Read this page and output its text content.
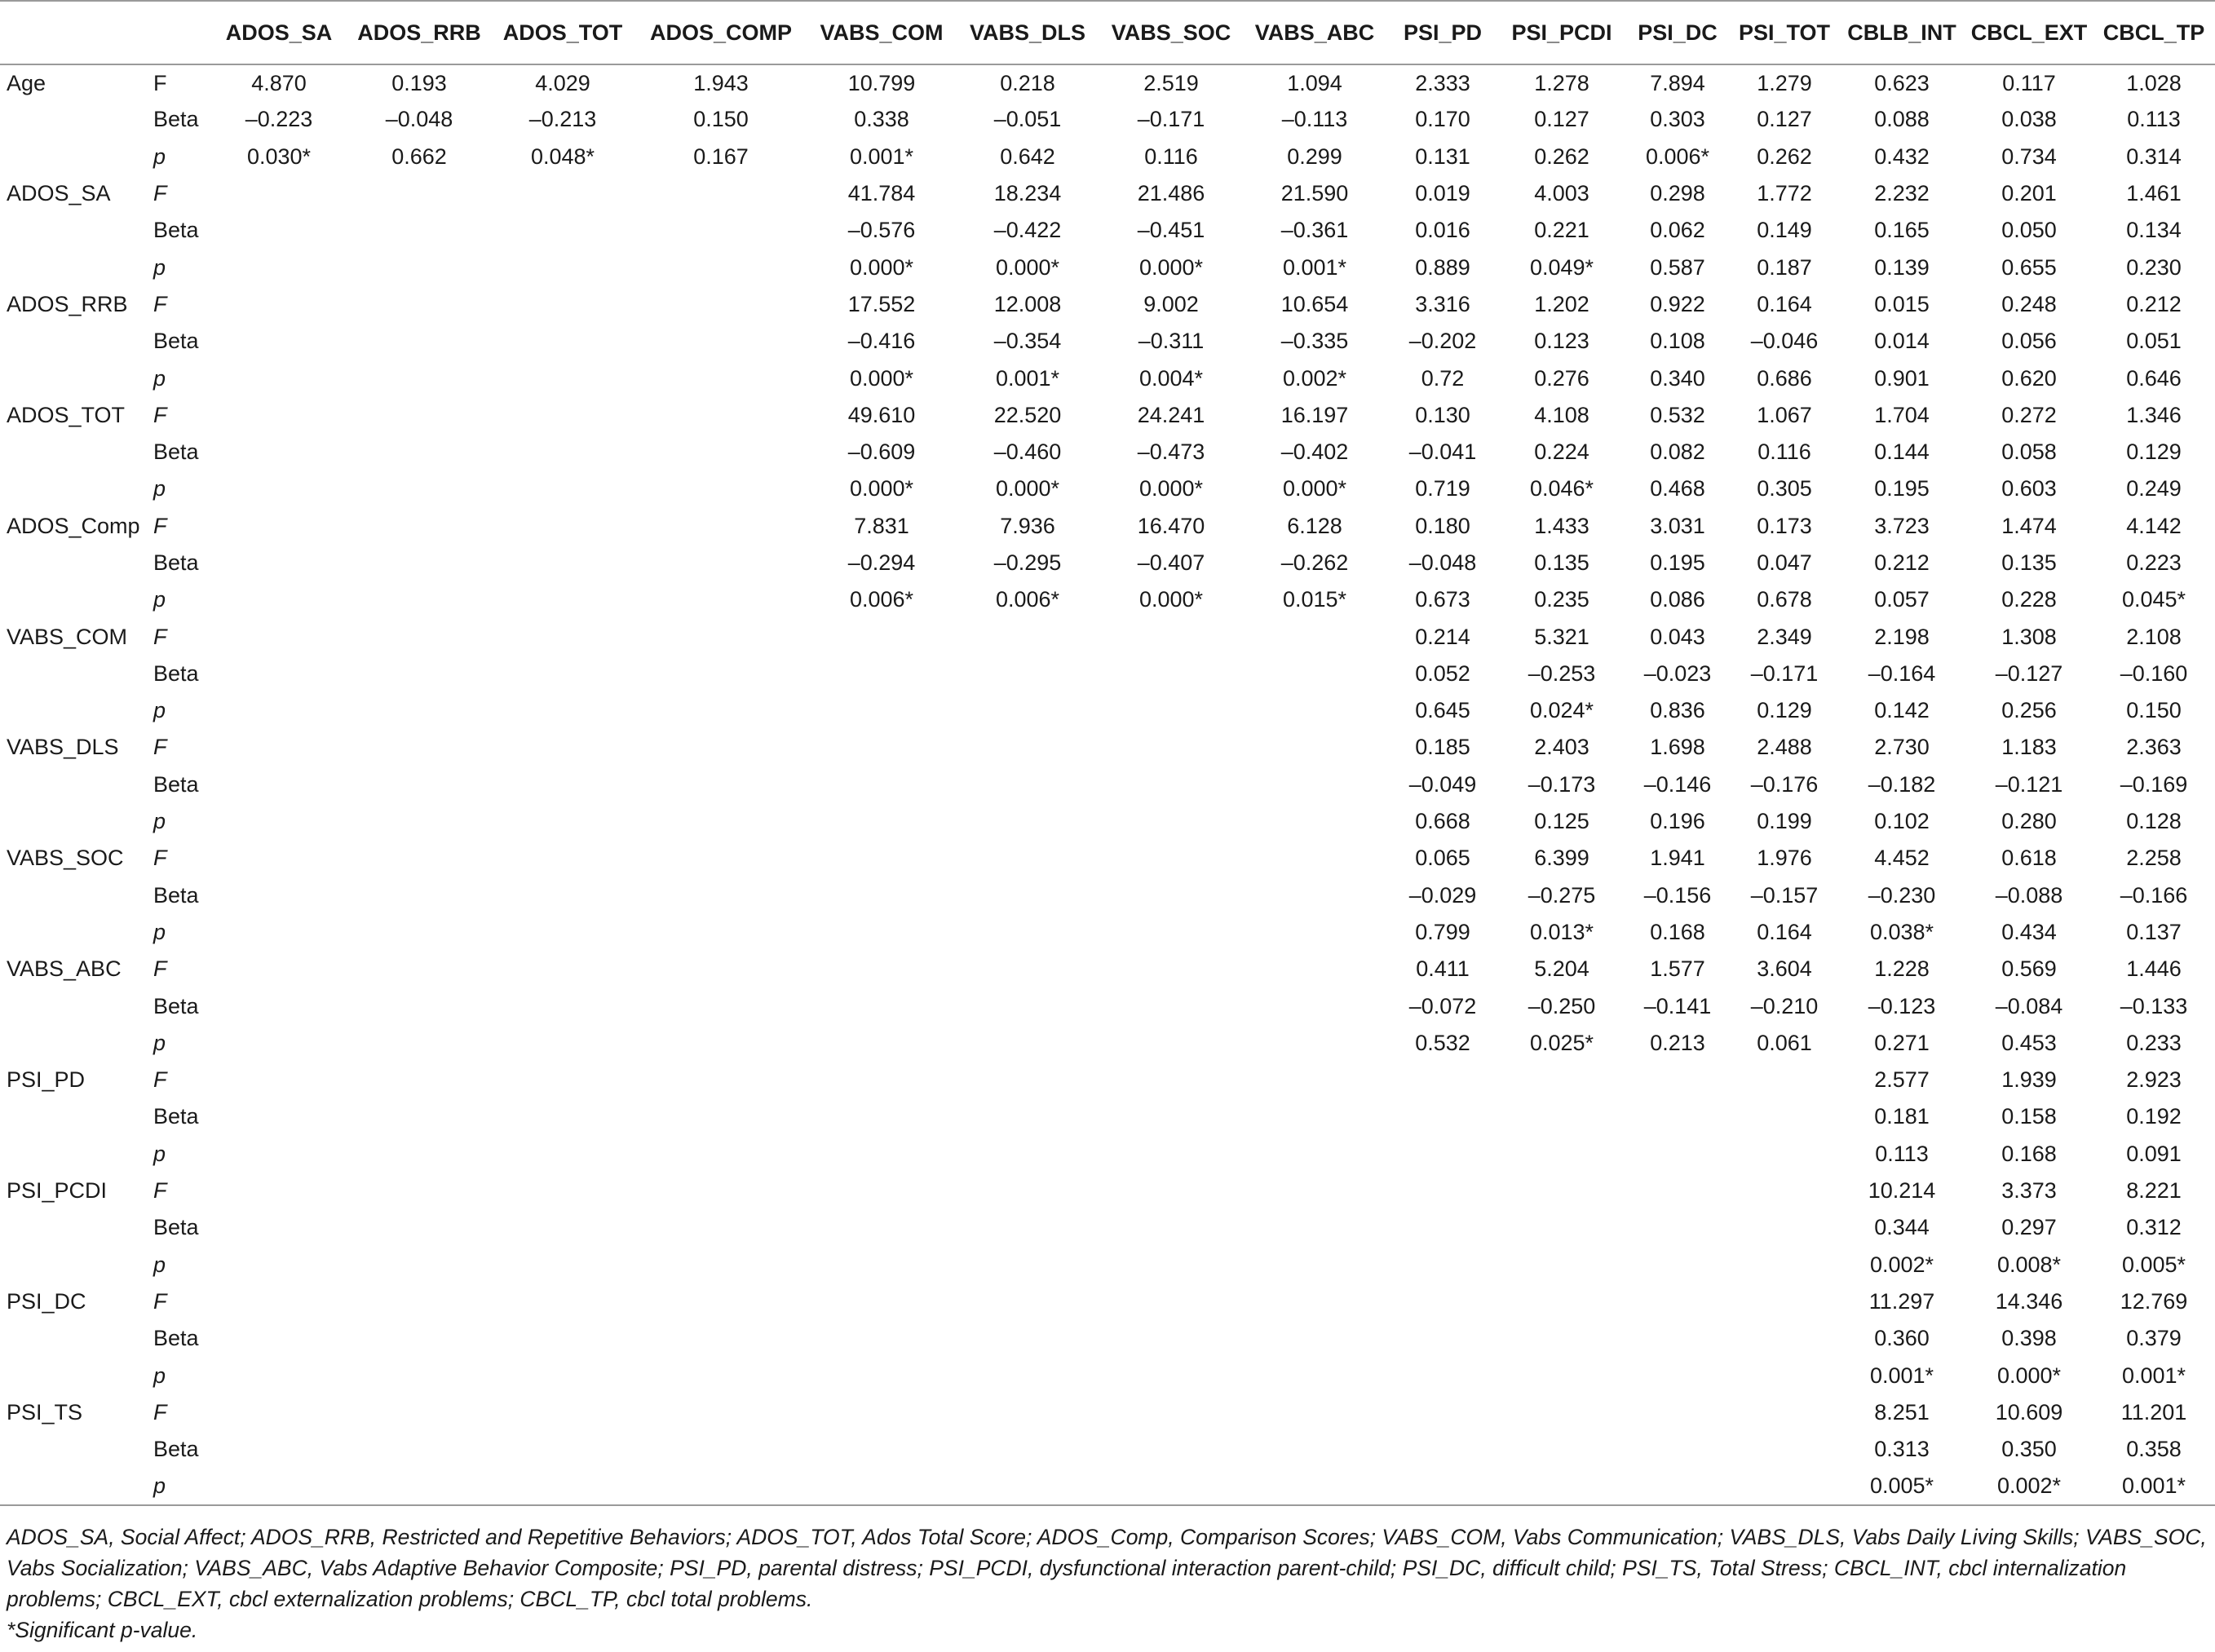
		ADOS_SA	ADOS_RRB	ADOS_TOT	ADOS_COMP	VABS_COM	VABS_DLS	VABS_SOC	VABS_ABC	PSI_PD	PSI_PCDI	PSI_DC	PSI_TOT	CBLB_INT	CBCL_EXT	CBCL_TP
Age	F	4.870	0.193	4.029	1.943	10.799	0.218	2.519	1.094	2.333	1.278	7.894	1.279	0.623	0.117	1.028
	Beta	–0.223	–0.048	–0.213	0.150	0.338	–0.051	–0.171	–0.113	0.170	0.127	0.303	0.127	0.088	0.038	0.113
	p	0.030*	0.662	0.048*	0.167	0.001*	0.642	0.116	0.299	0.131	0.262	0.006*	0.262	0.432	0.734	0.314
ADOS_SA	F					41.784	18.234	21.486	21.590	0.019	4.003	0.298	1.772	2.232	0.201	1.461
	Beta					–0.576	–0.422	–0.451	–0.361	0.016	0.221	0.062	0.149	0.165	0.050	0.134
	p					0.000*	0.000*	0.000*	0.001*	0.889	0.049*	0.587	0.187	0.139	0.655	0.230
ADOS_RRB	F					17.552	12.008	9.002	10.654	3.316	1.202	0.922	0.164	0.015	0.248	0.212
	Beta					–0.416	–0.354	–0.311	–0.335	–0.202	0.123	0.108	–0.046	0.014	0.056	0.051
	p					0.000*	0.001*	0.004*	0.002*	0.72	0.276	0.340	0.686	0.901	0.620	0.646
ADOS_TOT	F					49.610	22.520	24.241	16.197	0.130	4.108	0.532	1.067	1.704	0.272	1.346
	Beta					–0.609	–0.460	–0.473	–0.402	–0.041	0.224	0.082	0.116	0.144	0.058	0.129
	p					0.000*	0.000*	0.000*	0.000*	0.719	0.046*	0.468	0.305	0.195	0.603	0.249
ADOS_Comp	F					7.831	7.936	16.470	6.128	0.180	1.433	3.031	0.173	3.723	1.474	4.142
	Beta					–0.294	–0.295	–0.407	–0.262	–0.048	0.135	0.195	0.047	0.212	0.135	0.223
	p					0.006*	0.006*	0.000*	0.015*	0.673	0.235	0.086	0.678	0.057	0.228	0.045*
VABS_COM	F									0.214	5.321	0.043	2.349	2.198	1.308	2.108
	Beta									0.052	–0.253	–0.023	–0.171	–0.164	–0.127	–0.160
	p									0.645	0.024*	0.836	0.129	0.142	0.256	0.150
VABS_DLS	F									0.185	2.403	1.698	2.488	2.730	1.183	2.363
	Beta									–0.049	–0.173	–0.146	–0.176	–0.182	–0.121	–0.169
	p									0.668	0.125	0.196	0.199	0.102	0.280	0.128
VABS_SOC	F									0.065	6.399	1.941	1.976	4.452	0.618	2.258
	Beta									–0.029	–0.275	–0.156	–0.157	–0.230	–0.088	–0.166
	p									0.799	0.013*	0.168	0.164	0.038*	0.434	0.137
VABS_ABC	F									0.411	5.204	1.577	3.604	1.228	0.569	1.446
	Beta									–0.072	–0.250	–0.141	–0.210	–0.123	–0.084	–0.133
	p									0.532	0.025*	0.213	0.061	0.271	0.453	0.233
PSI_PD	F													2.577	1.939	2.923
	Beta													0.181	0.158	0.192
	p													0.113	0.168	0.091
PSI_PCDI	F													10.214	3.373	8.221
	Beta													0.344	0.297	0.312
	p													0.002*	0.008*	0.005*
PSI_DC	F													11.297	14.346	12.769
	Beta													0.360	0.398	0.379
	p													0.001*	0.000*	0.001*
PSI_TS	F													8.251	10.609	11.201
	Beta													0.313	0.350	0.358
	p													0.005*	0.002*	0.001*

ADOS_SA, Social Affect; ADOS_RRB, Restricted and Repetitive Behaviors; ADOS_TOT, Ados Total Score; ADOS_Comp, Comparison Scores; VABS_COM, Vabs Communication; VABS_DLS, Vabs Daily Living Skills; VABS_SOC, Vabs Socialization; VABS_ABC, Vabs Adaptive Behavior Composite; PSI_PD, parental distress; PSI_PCDI, dysfunctional interaction parent-child; PSI_DC, difficult child; PSI_TS, Total Stress; CBCL_INT, cbcl internalization problems; CBCL_EXT, cbcl externalization problems; CBCL_TP, cbcl total problems.

*Significant p-value.
